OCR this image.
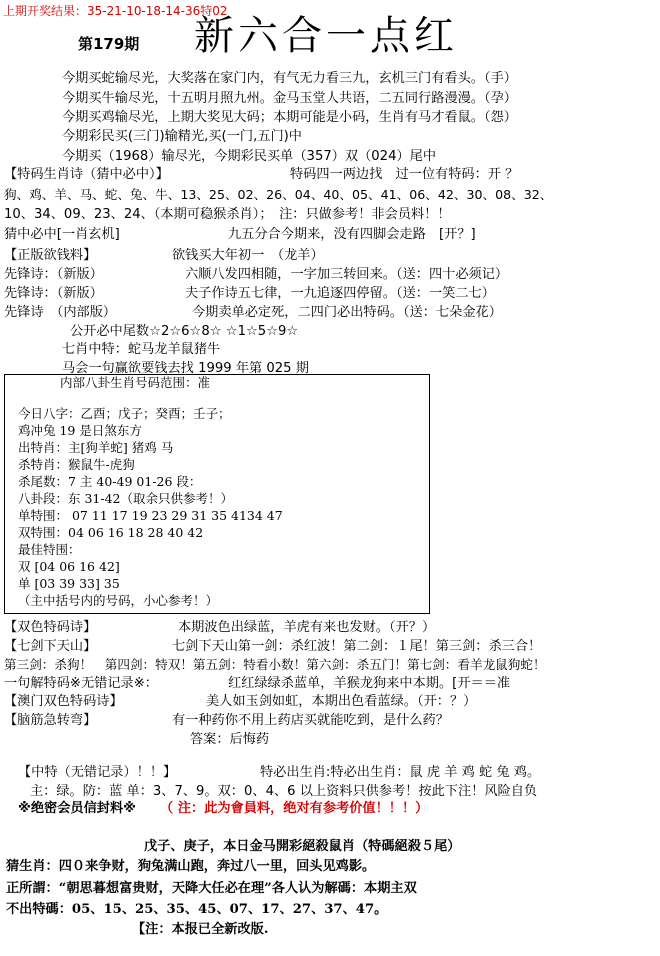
上期开奖结果：35-21-10-18-14-36特02
第179期 新六合一点红
今期买蛇输尽光，大奖落在家门内，有气无力看三九，玄机三门有看头。（手）
今期买牛输尽光，十五明月照九州。金马玉堂人共语，二五同行路漫漫。（孕）
今期买鸡输尽光，上期大奖见大码；本期可能是小码，生肖有马才看鼠。（怨）
今期彩民买(三门)输精光,买(一门,五门)中
今期买（1968）输尽光，今期彩民买单（357）双（024）尾中
【特码生肖诗（猜中必中）】	特码四一两边找　过一位有特码：开 ？
狗、鸡、羊、马、蛇、兔、牛、13、25、02、26、04、40、05、41、06、42、30、08、32、
10、34、09、23、24、（本期可稳猴杀肖）；　注：只做参考！非会员料！！
猜中必中[一肖玄机]	九五分合今期来，没有四脚会走路　[开？]
【正版欲钱料】	欲钱买大年初一　（龙羊）
先锋诗：（新版）	六顺八发四相随，一字加三转回来。（送：四十必须记）
先锋诗：（新版）	夫子作诗五七律，一九追逐四停留。（送：一笑二七）
先锋诗　（内部版）	今期卖单必定死，二四门必出特码。（送：七朵金花）
公开必中尾数☆2☆6☆8☆ ☆1☆5☆9☆
七肖中特：蛇马龙羊鼠猪牛
马会一句赢欲要钱去找 1999 年第 025 期
内部八卦生肖号码范围：准
今日八字：乙酉；戊子；癸酉；壬子；
鸡冲兔 19 是日煞东方
出特肖：主[狗羊蛇] 猪鸡 马
杀特肖：猴鼠牛-虎狗
杀尾数：7 主 40-49 01-26 段：
八卦段：东 31-42（取余只供参考！）
单特围： 07 11 17 19 23 29 31 35 4134 47
双特围：04 06 16 18 28 40 42
最佳特围：
双 [04 06 16 42]
单 [03 39 33] 35
（主中括号内的号码，小心参考！）
【双色特码诗】	本期波色出绿蓝，羊虎有来也发财。（开？）
【七剑下天山】	七剑下天山第一剑：杀红波！第二剑：１尾！第三剑：杀三合！
第三剑：杀狗！　第四剑：特双！第五剑：特看小数！第六剑：杀五门！第七剑：看羊龙鼠狗蛇！
一句解特码※无错记录※：	红红绿绿杀蓝单，羊猴龙狗来中本期。[开＝＝准
【澳门双色特码诗】	美人如玉剑如虹，本期出色看蓝绿。（开：？）
【脑筋急转弯】	有一种药你不用上药店买就能吃到，是什么药？
答案：后悔药
【中特（无错记录）！！】	特必出生肖:特必出生肖：鼠 虎 羊 鸡 蛇 兔 鸡。
主：绿。防：蓝 单：3、7、9。双：0、4、6 以上资料只供参考！按此下注！风险自负
※绝密会员信封料※ （ 注：此为會員料，绝对有参考价值！！！）
戊子、庚子，本日金马開彩絕殺鼠肖（特碼絕殺５尾）
猜生肖：四０来争财，狗兔满山跑，奔过八一里，回头见鸡影。
正所謂：“朝思暮想富贵财，天降大任必在理”各人认为解碼：本期主双
不出特碼：05、15、25、35、45、07、17、27、37、47。
【注：本报已全新改版.
